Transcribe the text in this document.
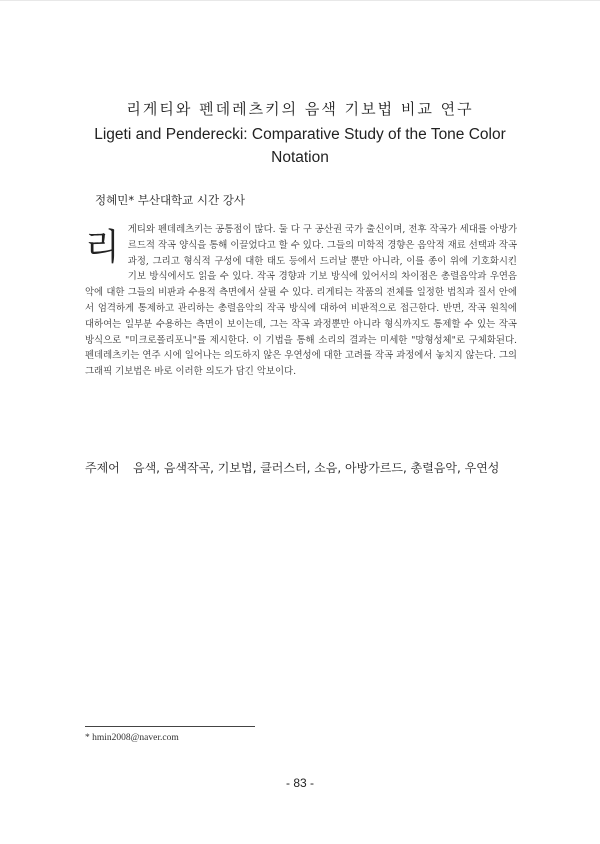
리게티와 펜데레츠키의 음색 기보법 비교 연구
Ligeti and Penderecki: Comparative Study of the Tone Color Notation
정혜민* 부산대학교 시간 강사
리 게티와 펜데레츠키는 공통점이 많다. 둘 다 구 공산권 국가 출신이며, 전후 작곡가 세대를 아방가르드적 작곡 양식을 통해 이끌었다고 할 수 있다. 그들의 미학적 경향은 음악적 재료 선택과 작곡 과정, 그리고 형식적 구성에 대한 태도 등에서 드러날 뿐만 아니라, 이를 종이 위에 기호화시킨 기보 방식에서도 읽을 수 있다. 작곡 경향과 기보 방식에 있어서의 차이점은 총렬음악과 우연음악에 대한 그들의 비판과 수용적 측면에서 살필 수 있다. 리게티는 작품의 전체를 일정한 법칙과 질서 안에서 엄격하게 통제하고 관리하는 총렬음악의 작곡 방식에 대하여 비판적으로 접근한다. 반면, 작곡 원칙에 대하여는 일부분 수용하는 측면이 보이는데, 그는 작곡 과정뿐만 아니라 형식까지도 통제할 수 있는 작곡 방식으로 "미크로폴리포니"를 제시한다. 이 기법을 통해 소리의 결과는 미세한 "망형성체"로 구체화된다. 펜데레츠키는 연주 시에 일어나는 의도하지 않은 우연성에 대한 고려를 작곡 과정에서 놓치지 않는다. 그의 그래픽 기보법은 바로 이러한 의도가 담긴 악보이다.
주제어 음색, 음색작곡, 기보법, 클러스터, 소음, 아방가르드, 총렬음악, 우연성
* hmin2008@naver.com
- 83 -
